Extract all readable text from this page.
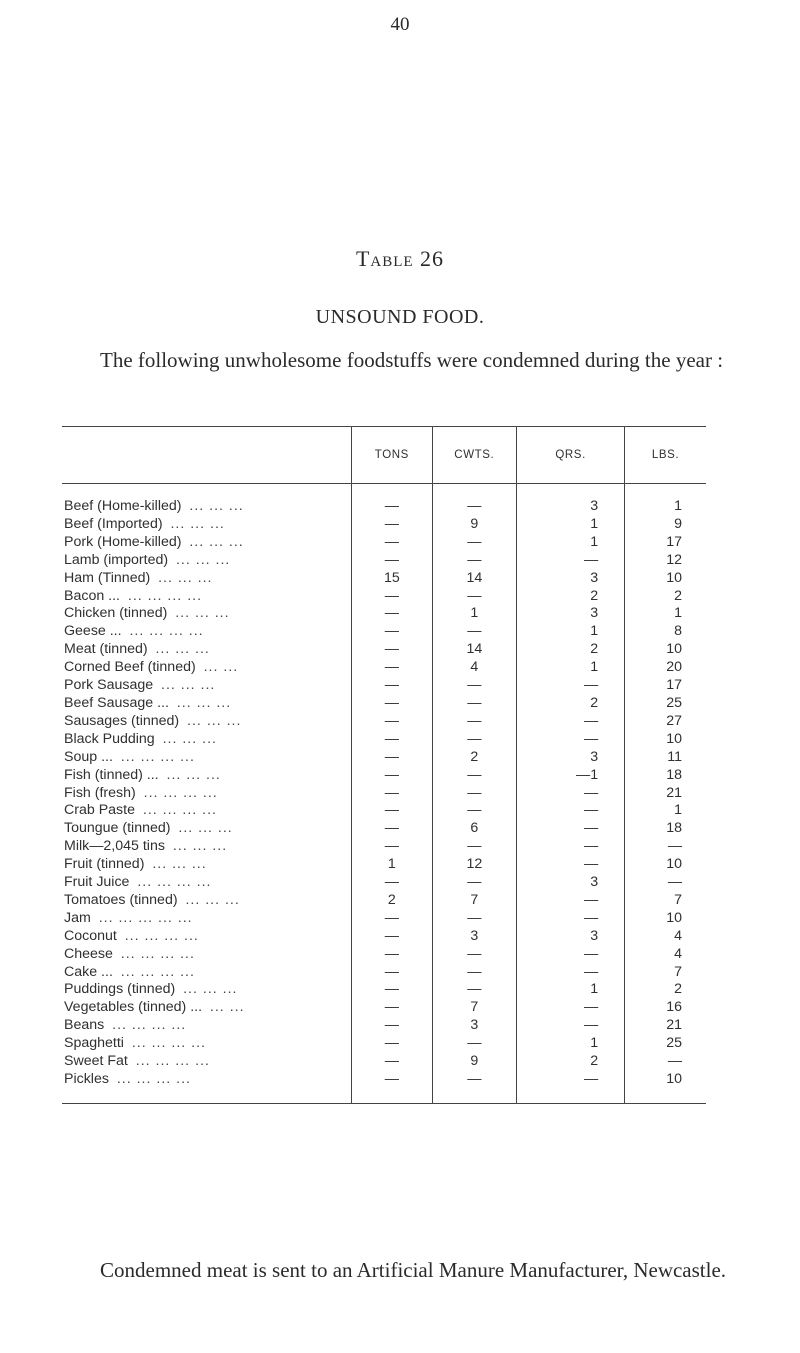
40
Table 26
UNSOUND FOOD.
The following unwholesome foodstuffs were condemned during the year :
	TONS	CWTS.	QRS.	LBS.

Beef (Home-killed) ... ... ...	—	—	3	1
Beef (Imported) ... ... ...	—	9	1	9
Pork (Home-killed) ... ... ...	—	—	1	17
Lamb (imported) ... ... ...	—	—	—	12
Ham (Tinned) ... ... ...	15	14	3	10
Bacon ... ... ... ... ...	—	—	2	2
Chicken (tinned) ... ... ...	—	1	3	1
Geese ... ... ... ... ...	—	—	1	8
Meat (tinned) ... ... ...	—	14	2	10
Corned Beef (tinned) ... ...	—	4	1	20
Pork Sausage ... ... ...	—	—	—	17
Beef Sausage ... ... ... ...	—	—	2	25
Sausages (tinned) ... ... ...	—	—	—	27
Black Pudding ... ... ...	—	—	—	10
Soup ... ... ... ... ...	—	2	3	11
Fish (tinned) ... ... ... ...	—	—	—1	18
Fish (fresh) ... ... ... ...	—	—	—	21
Crab Paste ... ... ... ...	—	—	—	1
Toungue (tinned) ... ... ...	—	6	—	18
Milk—2,045 tins ... ... ...	—	—	—	—
Fruit (tinned) ... ... ...	1	12	—	10
Fruit Juice ... ... ... ...	—	—	3	—
Tomatoes (tinned) ... ... ...	2	7	—	7
Jam ... ... ... ... ...	—	—	—	10
Coconut ... ... ... ...	—	3	3	4
Cheese ... ... ... ...	—	—	—	4
Cake ... ... ... ... ...	—	—	—	7
Puddings (tinned) ... ... ...	—	—	1	2
Vegetables (tinned) ... ... ...	—	7	—	16
Beans ... ... ... ...	—	3	—	21
Spaghetti ... ... ... ...	—	—	1	25
Sweet Fat ... ... ... ...	—	9	2	—
Pickles ... ... ... ...	—	—	—	10

Condemned meat is sent to an Artificial Manure Manufacturer, Newcastle.
